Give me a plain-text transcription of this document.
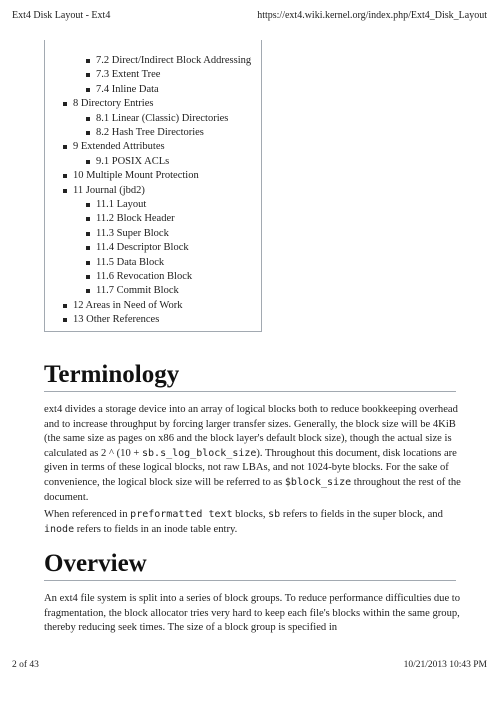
Ext4 Disk Layout - Ext4	https://ext4.wiki.kernel.org/index.php/Ext4_Disk_Layout
7.2 Direct/Indirect Block Addressing
7.3 Extent Tree
7.4 Inline Data
8 Directory Entries
8.1 Linear (Classic) Directories
8.2 Hash Tree Directories
9 Extended Attributes
9.1 POSIX ACLs
10 Multiple Mount Protection
11 Journal (jbd2)
11.1 Layout
11.2 Block Header
11.3 Super Block
11.4 Descriptor Block
11.5 Data Block
11.6 Revocation Block
11.7 Commit Block
12 Areas in Need of Work
13 Other References
Terminology
ext4 divides a storage device into an array of logical blocks both to reduce bookkeeping overhead and to increase throughput by forcing larger transfer sizes. Generally, the block size will be 4KiB (the same size as pages on x86 and the block layer's default block size), though the actual size is calculated as 2 ^ (10 + sb.s_log_block_size). Throughout this document, disk locations are given in terms of these logical blocks, not raw LBAs, and not 1024-byte blocks. For the sake of convenience, the logical block size will be referred to as $block_size throughout the rest of the document.
When referenced in preformatted text blocks, sb refers to fields in the super block, and inode refers to fields in an inode table entry.
Overview
An ext4 file system is split into a series of block groups. To reduce performance difficulties due to fragmentation, the block allocator tries very hard to keep each file's blocks within the same group, thereby reducing seek times. The size of a block group is specified in
2 of 43	10/21/2013 10:43 PM
